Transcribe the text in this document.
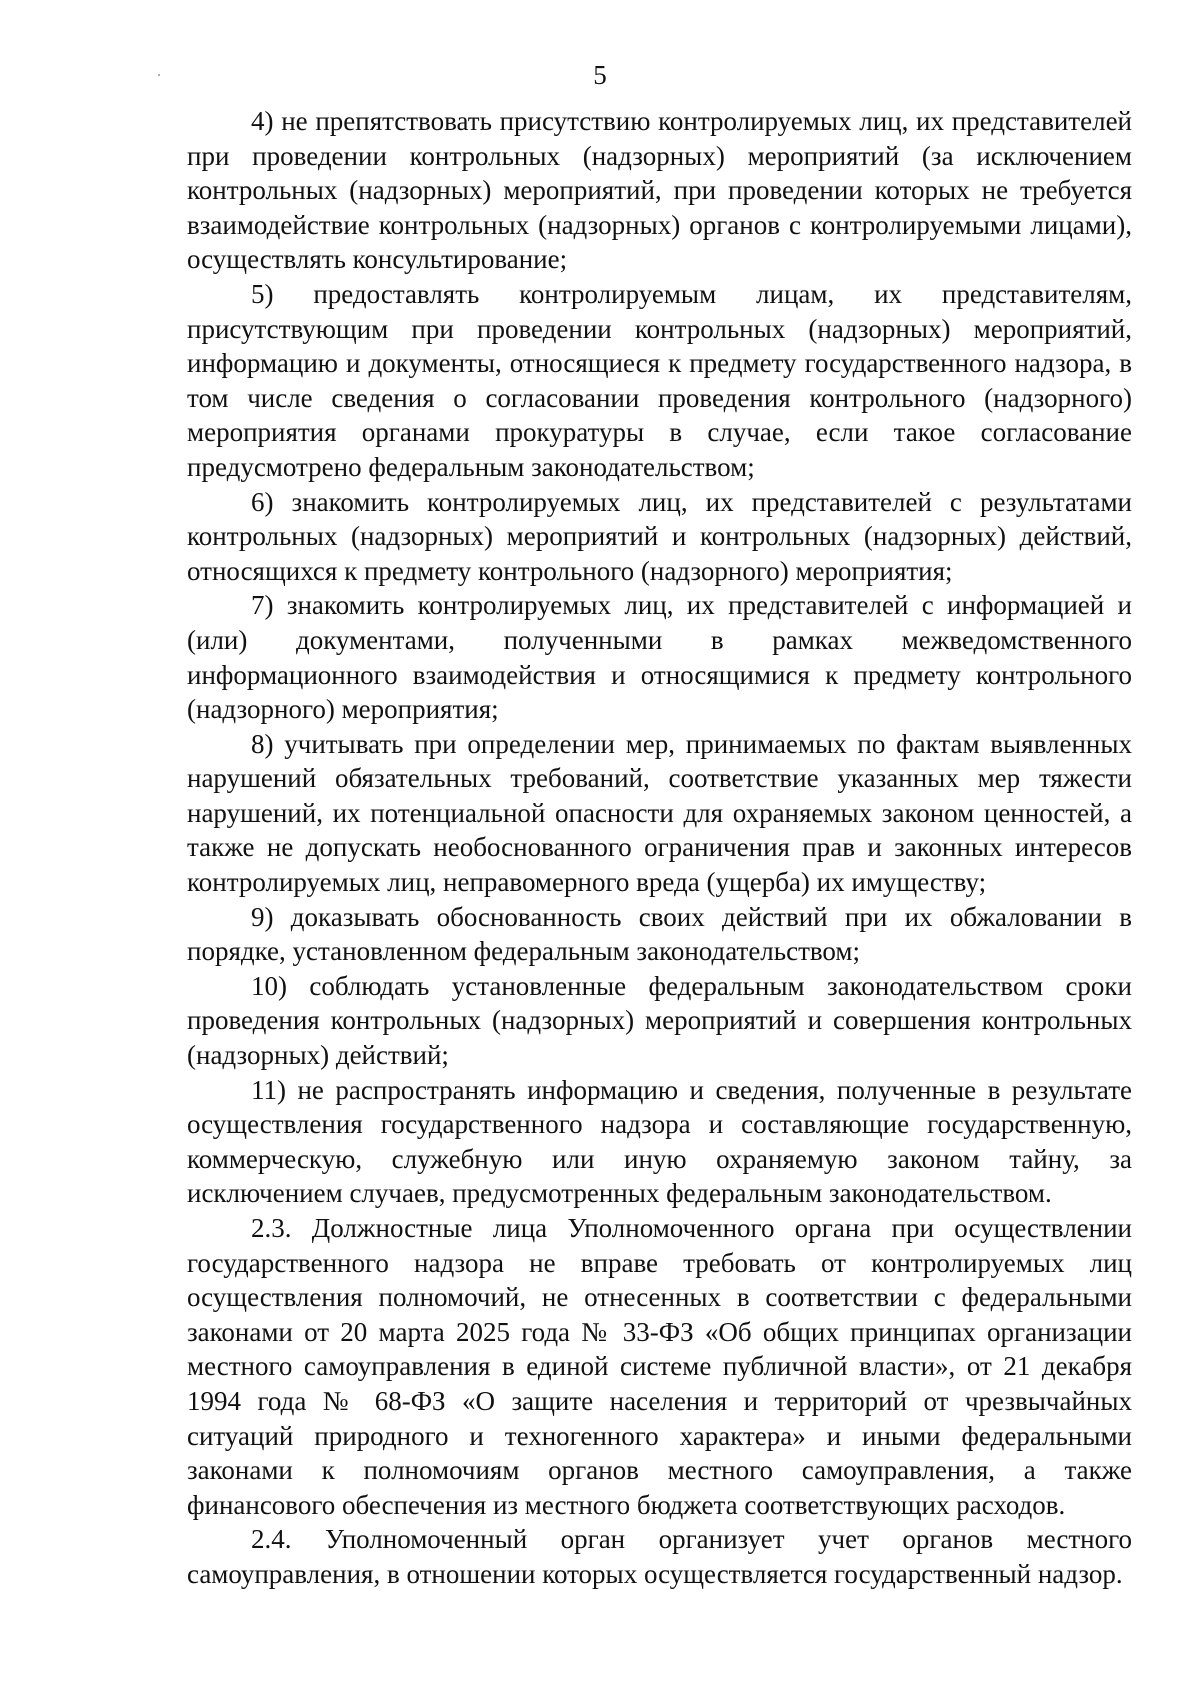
5

4) не препятствовать присутствию контролируемых лиц, их представителей при проведении контрольных (надзорных) мероприятий (за исключением контрольных (надзорных) мероприятий, при проведении которых не требуется взаимодействие контрольных (надзорных) органов с контролируемыми лицами), осуществлять консультирование;

5) предоставлять контролируемым лицам, их представителям, присутствующим при проведении контрольных (надзорных) мероприятий, информацию и документы, относящиеся к предмету государственного надзора, в том числе сведения о согласовании проведения контрольного (надзорного) мероприятия органами прокуратуры в случае, если такое согласование предусмотрено федеральным законодательством;

6) знакомить контролируемых лиц, их представителей с результатами контрольных (надзорных) мероприятий и контрольных (надзорных) действий, относящихся к предмету контрольного (надзорного) мероприятия;

7) знакомить контролируемых лиц, их представителей с информацией и (или) документами, полученными в рамках межведомственного информационного взаимодействия и относящимися к предмету контрольного (надзорного) мероприятия;

8) учитывать при определении мер, принимаемых по фактам выявленных нарушений обязательных требований, соответствие указанных мер тяжести нарушений, их потенциальной опасности для охраняемых законом ценностей, а также не допускать необоснованного ограничения прав и законных интересов контролируемых лиц, неправомерного вреда (ущерба) их имуществу;

9) доказывать обоснованность своих действий при их обжаловании в порядке, установленном федеральным законодательством;

10) соблюдать установленные федеральным законодательством сроки проведения контрольных (надзорных) мероприятий и совершения контрольных (надзорных) действий;

11) не распространять информацию и сведения, полученные в результате осуществления государственного надзора и составляющие государственную, коммерческую, служебную или иную охраняемую законом тайну, за исключением случаев, предусмотренных федеральным законодательством.

2.3. Должностные лица Уполномоченного органа при осуществлении государственного надзора не вправе требовать от контролируемых лиц осуществления полномочий, не отнесенных в соответствии с федеральными законами от 20 марта 2025 года № 33-ФЗ «Об общих принципах организации местного самоуправления в единой системе публичной власти», от 21 декабря 1994 года № 68-ФЗ «О защите населения и территорий от чрезвычайных ситуаций природного и техногенного характера» и иными федеральными законами к полномочиям органов местного самоуправления, а также финансового обеспечения из местного бюджета соответствующих расходов.

2.4. Уполномоченный орган организует учет органов местного самоуправления, в отношении которых осуществляется государственный надзор.
